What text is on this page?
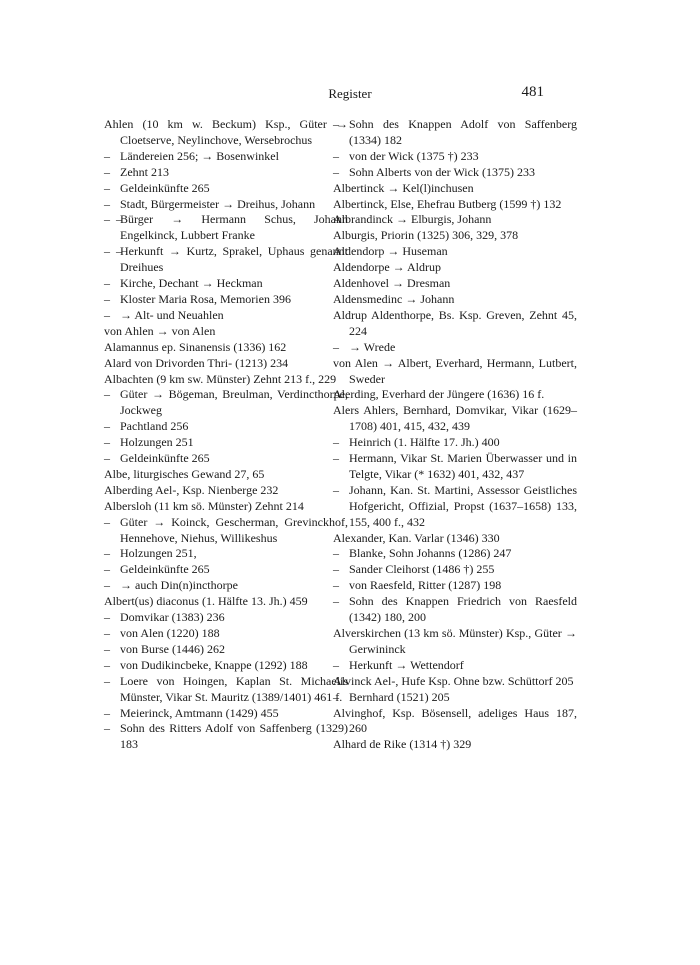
Register	481

Ahlen (10 km w. Beckum) Ksp., Güter → Cloetserve, Neylinchove, Wersebrochus

– Ländereien 256; → Bosenwinkel

– Zehnt 213

– Geldeinkünfte 265

– Stadt, Bürgermeister → Dreihus, Johann

–  – Bürger → Hermann Schus, Johann Engelkinck, Lubbert Franke

–  – Herkunft → Kurtz, Sprakel, Uphaus genannt Dreihues

– Kirche, Dechant → Heckman

– Kloster Maria Rosa, Memorien 396

– → Alt- und Neuahlen

von Ahlen → von Alen

Alamannus ep. Sinanensis (1336) 162

Alard von Drivorden Thri- (1213) 234

Albachten (9 km sw. Münster) Zehnt 213 f., 229

– Güter → Bögeman, Breulman, Verdincthorpe, Jockweg

– Pachtland 256

– Holzungen 251

– Geldeinkünfte 265

Albe, liturgisches Gewand 27, 65

Alberding Ael-, Ksp. Nienberge 232

Albersloh (11 km sö. Münster) Zehnt 214

– Güter → Koinck, Gescherman, Grevinckhof, Hennehove, Niehus, Willikeshus

– Holzungen 251,

– Geldeinkünfte 265

– → auch Din(n)incthorpe

Albert(us) diaconus (1. Hälfte 13. Jh.) 459

– Domvikar (1383) 236

– von Alen (1220) 188

– von Burse (1446) 262

– von Dudikincbeke, Knappe (1292) 188

– Loere von Hoingen, Kaplan St. Michaelis Münster, Vikar St. Mauritz (1389/1401) 461 f.

– Meierinck, Amtmann (1429) 455

– Sohn des Ritters Adolf von Saffenberg (1329) 183

– Sohn des Knappen Adolf von Saffenberg (1334) 182

– von der Wick (1375 †) 233

– Sohn Alberts von der Wick (1375) 233

Albertinck → Kel(l)inchusen

Albertinck, Else, Ehefrau Butberg (1599 †) 132

Albrandinck → Elburgis, Johann

Alburgis, Priorin (1325) 306, 329, 378

Aldendorp → Huseman

Aldendorpe → Aldrup

Aldenhovel → Dresman

Aldensmedinc → Johann

Aldrup Aldenthorpe, Bs. Ksp. Greven, Zehnt 45, 224

– → Wrede

von Alen → Albert, Everhard, Hermann, Lutbert, Sweder

Alerding, Everhard der Jüngere (1636) 16 f.

Alers Ahlers, Bernhard, Domvikar, Vikar (1629–1708) 401, 415, 432, 439

– Heinrich (1. Hälfte 17. Jh.) 400

– Hermann, Vikar St. Marien Überwasser und in Telgte, Vikar (* 1632) 401, 432, 437

– Johann, Kan. St. Martini, Assessor Geistliches Hofgericht, Offizial, Propst (1637–1658) 133, 155, 400 f., 432

Alexander, Kan. Varlar (1346) 330

– Blanke, Sohn Johanns (1286) 247

– Sander Cleihorst (1486 †) 255

– von Raesfeld, Ritter (1287) 198

– Sohn des Knappen Friedrich von Raesfeld (1342) 180, 200

Alverskirchen (13 km sö. Münster) Ksp., Güter → Gerwininck

– Herkunft → Wettendorf

Alvinck Ael-, Hufe Ksp. Ohne bzw. Schüttorf 205

– Bernhard (1521) 205

Alvinghof, Ksp. Bösensell, adeliges Haus 187, 260

Alhard de Rike (1314 †) 329
